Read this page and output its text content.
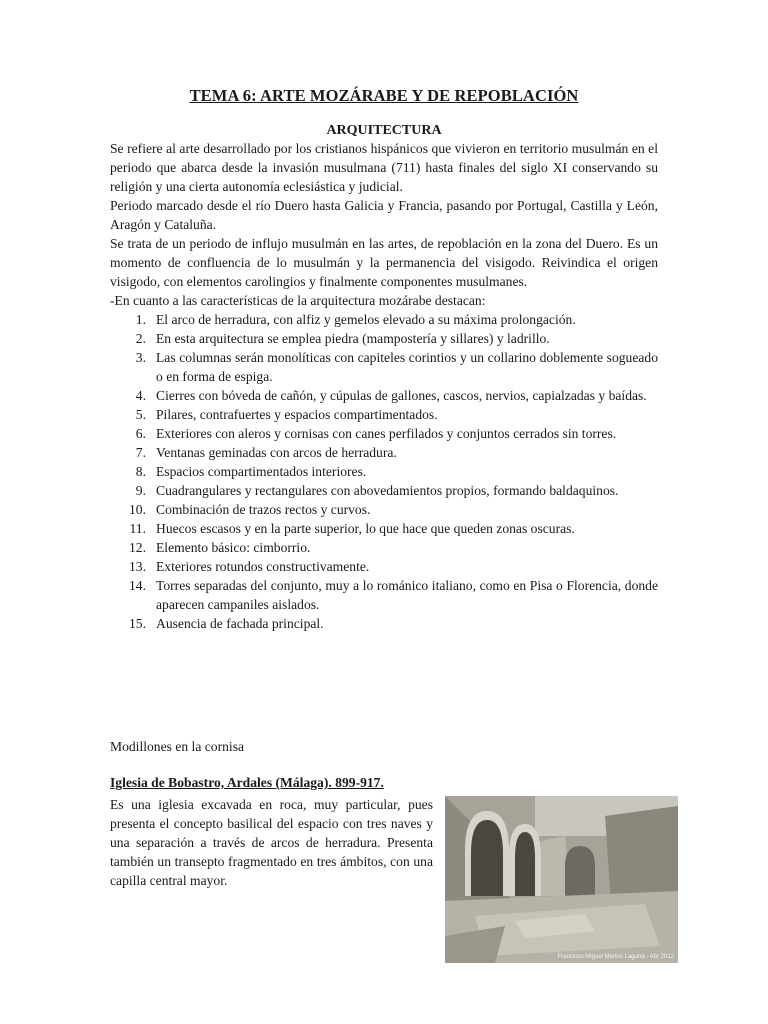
TEMA 6: ARTE MOZÁRABE Y DE REPOBLACIÓN
ARQUITECTURA

Se refiere al arte desarrollado por los cristianos hispánicos que vivieron en territorio musulmán en el periodo que abarca desde la invasión musulmana (711) hasta finales del siglo XI conservando su religión y una cierta autonomía eclesiástica y judicial.

Periodo marcado desde el río Duero hasta Galicia y Francia, pasando por Portugal, Castilla y León, Aragón y Cataluña.

Se trata de un periodo de influjo musulmán en las artes, de repoblación en la zona del Duero. Es un momento de confluencia de lo musulmán y la permanencia del visigodo. Reivindica el origen visigodo, con elementos carolingios y finalmente componentes musulmanes.

-En cuanto a las características de la arquitectura mozárabe destacan:

1. El arco de herradura, con alfiz y gemelos elevado a su máxima prolongación.
2. En esta arquitectura se emplea piedra (mampostería y sillares) y ladrillo.
3. Las columnas serán monolíticas con capiteles corintios y un collarino doblemente sogueado o en forma de espiga.
4. Cierres con bóveda de cañón, y cúpulas de gallones, cascos, nervios, capialzadas y baídas.
5. Pilares, contrafuertes y espacios compartimentados.
6. Exteriores con aleros y cornisas con canes perfilados y conjuntos cerrados sin torres.
7. Ventanas geminadas con arcos de herradura.
8. Espacios compartimentados interiores.
9. Cuadrangulares y rectangulares con abovedamientos propios, formando baldaquinos.
10. Combinación de trazos rectos y curvos.
11. Huecos escasos y en la parte superior, lo que hace que queden zonas oscuras.
12. Elemento básico: cimborrio.
13. Exteriores rotundos constructivamente.
14. Torres separadas del conjunto, muy a lo románico italiano, como en Pisa o Florencia, donde aparecen campaniles aislados.
15. Ausencia de fachada principal.
Modillones en la cornisa
Iglesia de Bobastro, Ardales (Málaga). 899-917.
Es una iglesia excavada en roca, muy particular, pues presenta el concepto basilical del espacio con tres naves y una separación a través de arcos de herradura. Presenta también un transepto fragmentado en tres ámbitos, con una capilla central mayor.
Francisco Miguel Merino Laguna · Abr 2012
